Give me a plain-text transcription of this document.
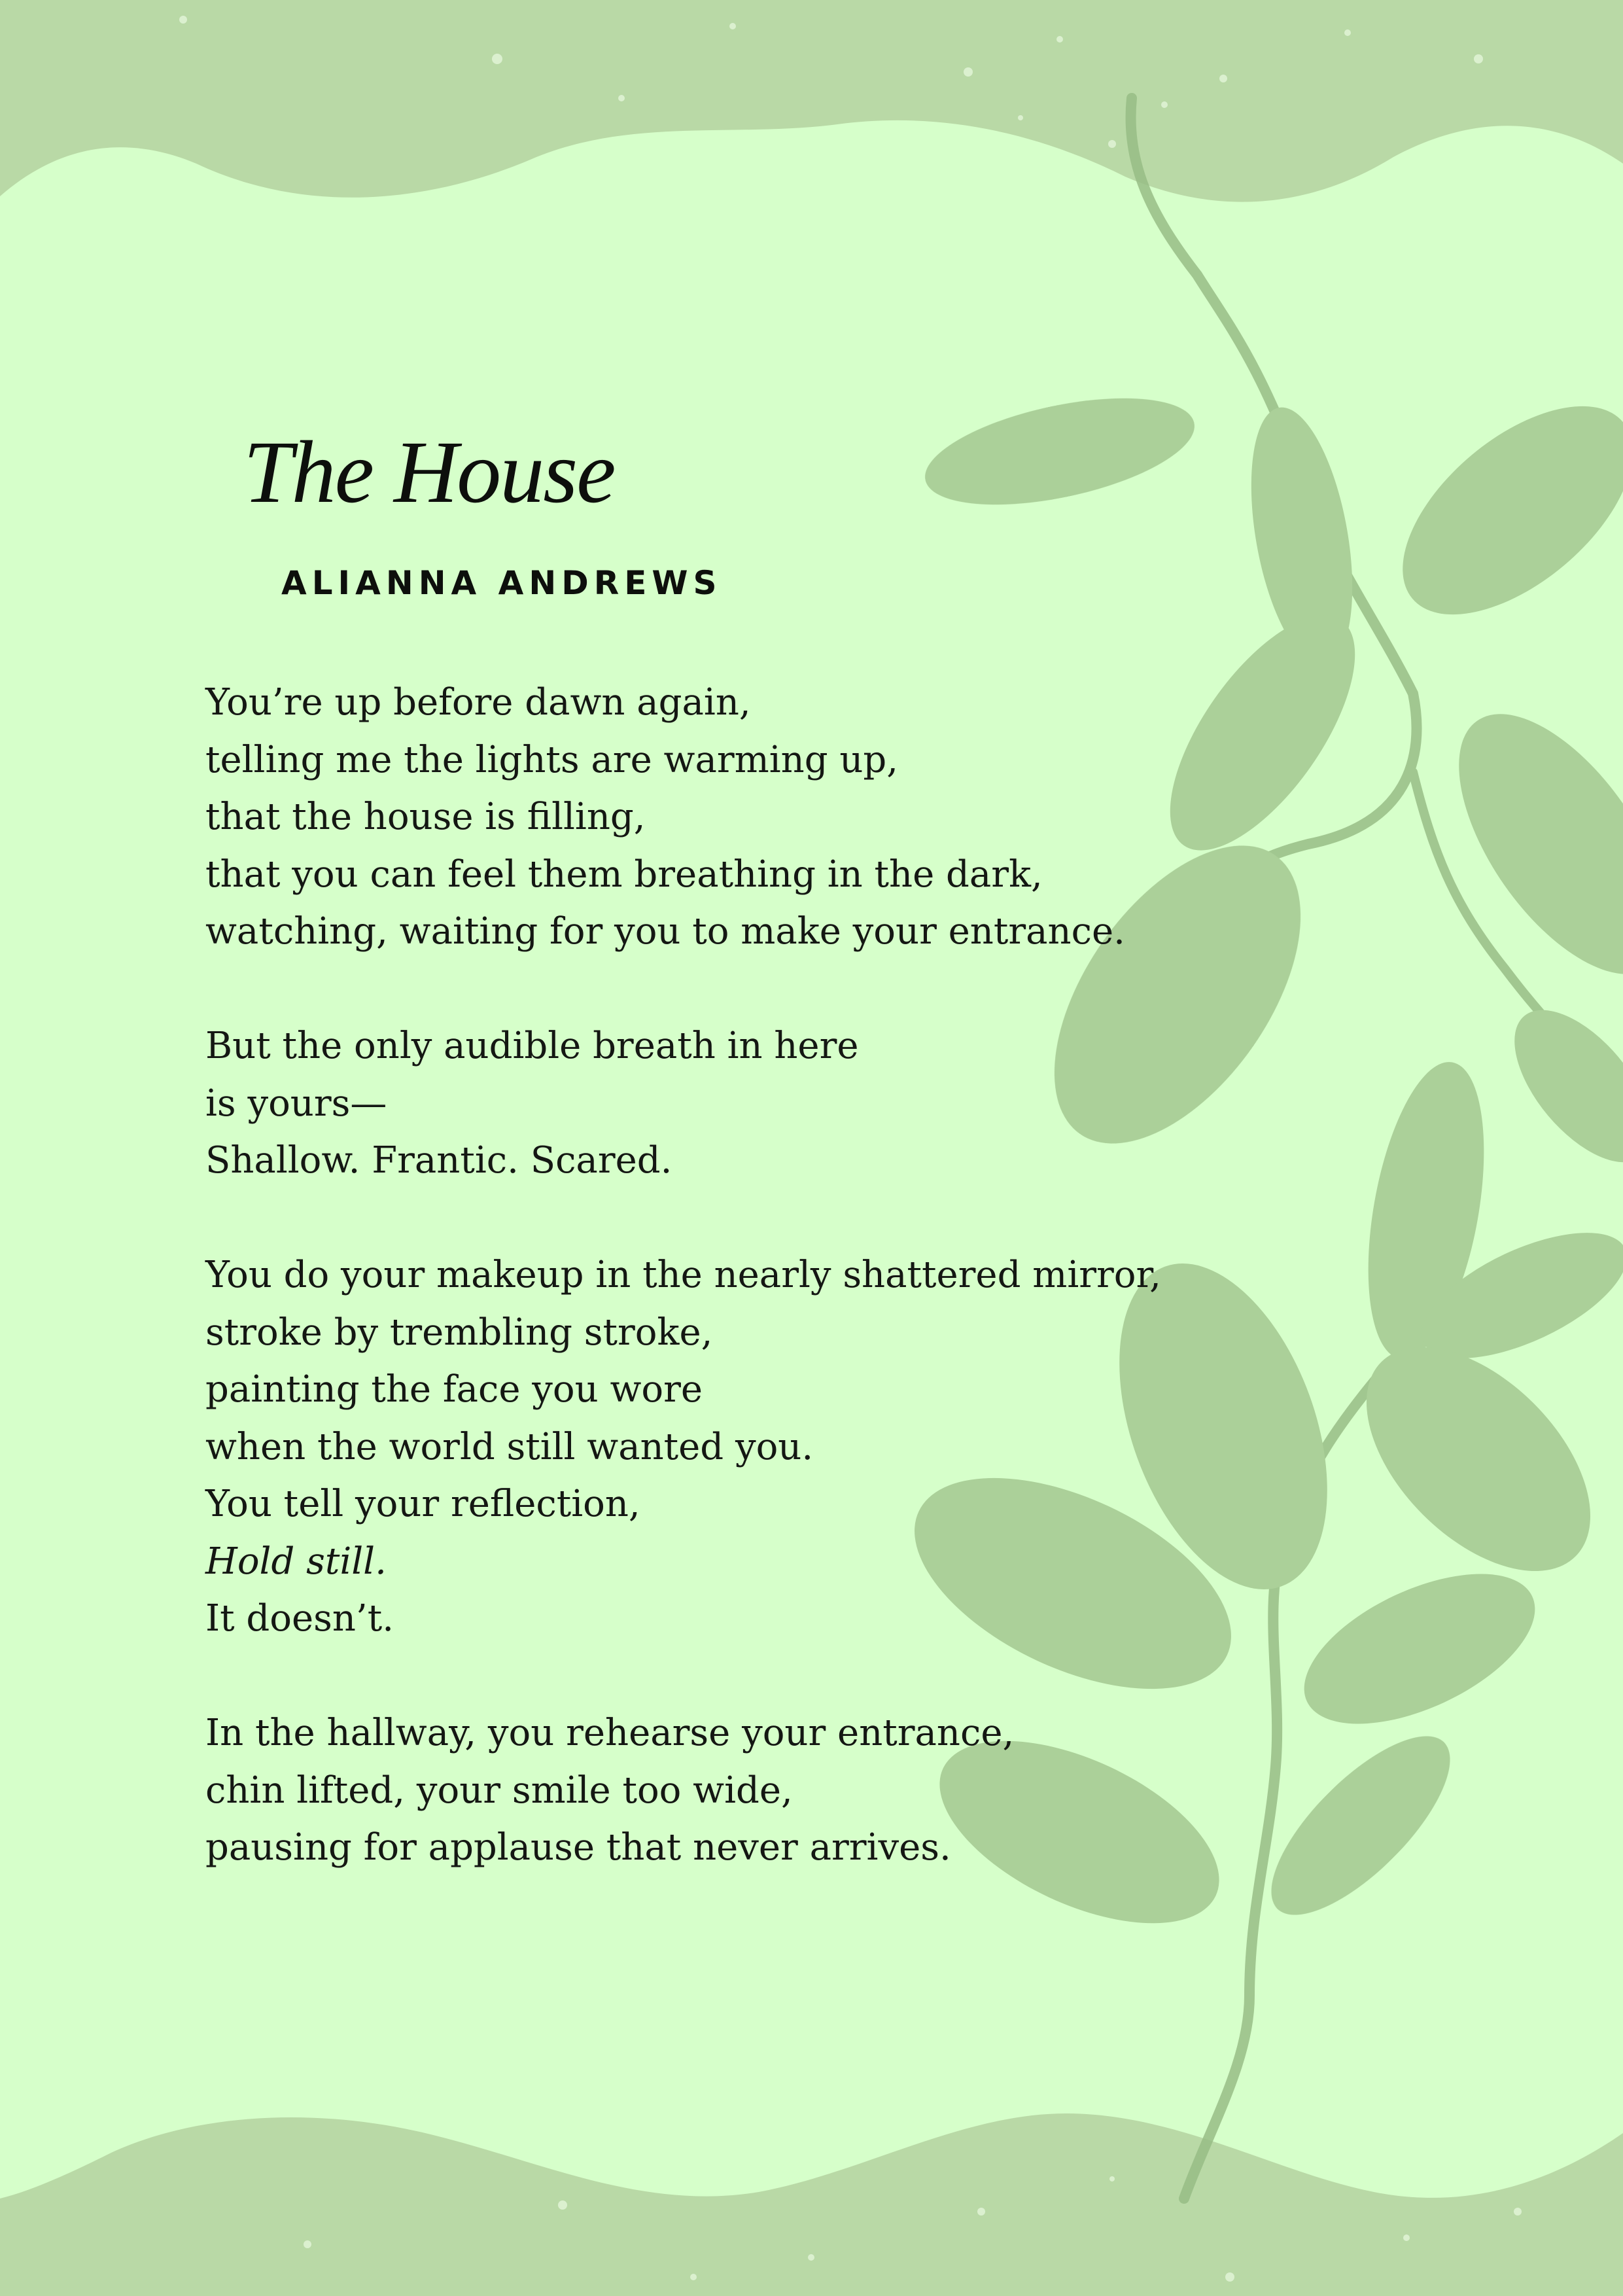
The House

ALIANNA ANDREWS

You’re up before dawn again,
telling me the lights are warming up,
that the house is filling,
that you can feel them breathing in the dark,
watching, waiting for you to make your entrance.

But the only audible breath in here
is yours—
Shallow. Frantic. Scared.

You do your makeup in the nearly shattered mirror,
stroke by trembling stroke,
painting the face you wore
when the world still wanted you.
You tell your reflection,
Hold still.
It doesn’t.

In the hallway, you rehearse your entrance,
chin lifted, your smile too wide,
pausing for applause that never arrives.
